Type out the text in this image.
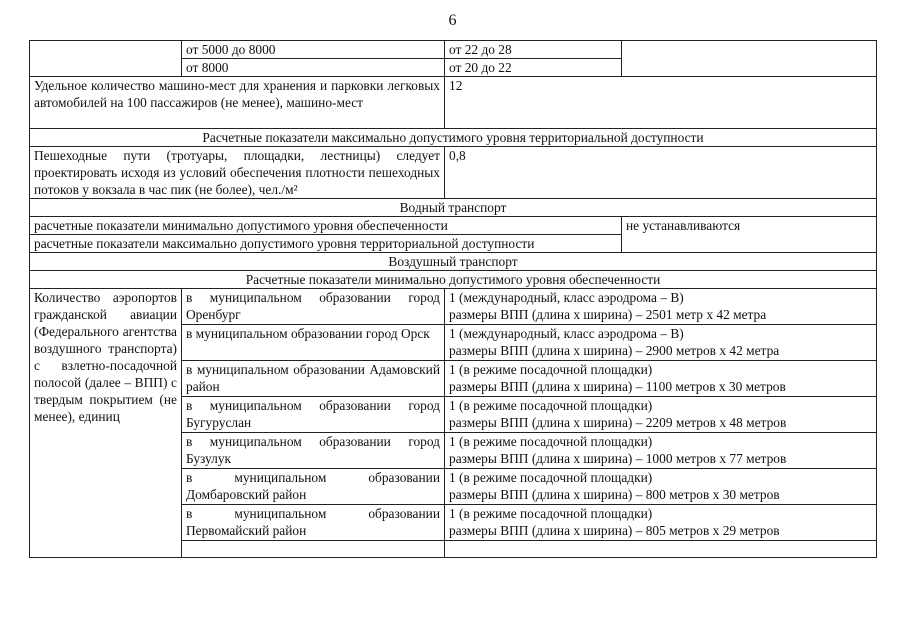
6
	от 5000 до 8000	от 22 до 28	
	от 8000	от 20 до 22	
Удельное количество машино-мест для хранения и парковки легковых автомобилей на 100 пассажиров (не менее), машино-мест		12	
Расчетные показатели максимально допустимого уровня территориальной доступности			
Пешеходные пути (тротуары, площадки, лестницы) следует проектировать исходя из условий обеспечения плотности пешеходных потоков у вокзала в час пик (не более), чел./м²		0,8	
Водный транспорт			
расчетные показатели минимально допустимого уровня обеспеченности			не устанавливаются
расчетные показатели максимально допустимого уровня территориальной доступности			
Воздушный транспорт			
Расчетные показатели минимально допустимого уровня обеспеченности			
Количество аэропортов гражданской авиации (Федерального агентства воздушного транспорта) с взлетно-посадочной полосой (далее – ВПП) с твердым покрытием (не менее), единиц	в муниципальном образовании город Оренбург	1 (международный, класс аэродрома – B)
размеры ВПП (длина х ширина) – 2501 метр х 42 метра	

	в муниципальном образовании город Орск	1 (международный, класс аэродрома – B)
размеры ВПП (длина х ширина) – 2900 метров х 42 метра	

	в муниципальном образовании Адамовский район	1 (в режиме посадочной площадки)
размеры ВПП (длина х ширина) – 1100 метров х 30 метров	

	в муниципальном образовании город Бугуруслан	1 (в режиме посадочной площадки)
размеры ВПП (длина х ширина) – 2209 метров х 48 метров	

	в муниципальном образовании город Бузулук	1 (в режиме посадочной площадки)
размеры ВПП (длина х ширина) – 1000 метров х 77 метров	

	в муниципальном образовании Домбаровский район	1 (в режиме посадочной площадки)
размеры ВПП (длина х ширина) – 800 метров х 30 метров	

	в муниципальном образовании Первомайский район	1 (в режиме посадочной площадки)
размеры ВПП (длина х ширина) – 805 метров х 29 метров	
